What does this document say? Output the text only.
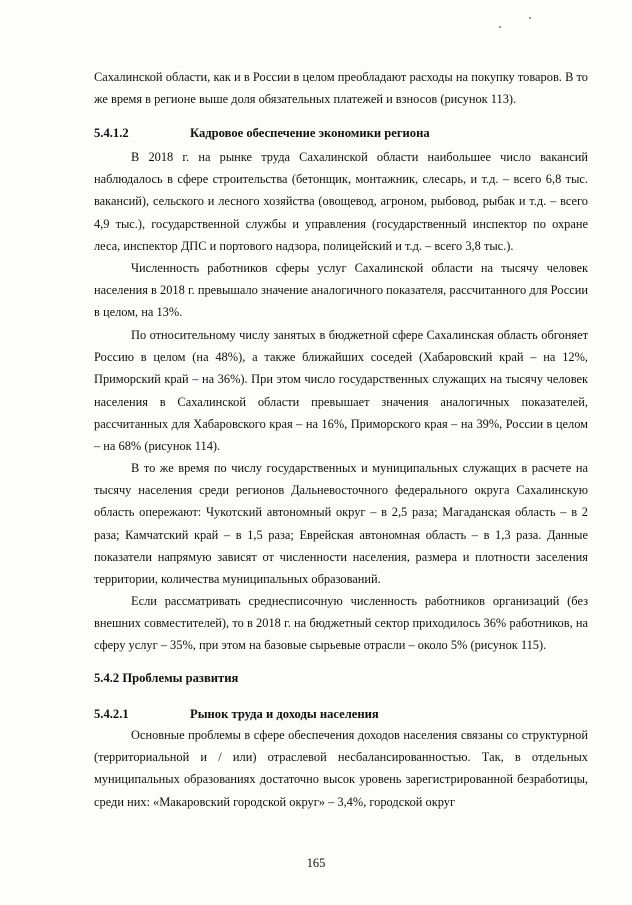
Сахалинской области, как и в России в целом преобладают расходы на покупку товаров. В то же время в регионе выше доля обязательных платежей и взносов (рисунок 113).

5.4.1.2	Кадровое обеспечение экономики региона

В 2018 г. на рынке труда Сахалинской области наибольшее число вакансий наблюдалось в сфере строительства (бетонщик, монтажник, слесарь, и т.д. – всего 6,8 тыс. вакансий), сельского и лесного хозяйства (овощевод, агроном, рыбовод, рыбак и т.д. – всего 4,9 тыс.), государственной службы и управления (государственный инспектор по охране леса, инспектор ДПС и портового надзора, полицейский и т.д. – всего 3,8 тыс.).

Численность работников сферы услуг Сахалинской области на тысячу человек населения в 2018 г. превышало значение аналогичного показателя, рассчитанного для России в целом, на 13%.

По относительному числу занятых в бюджетной сфере Сахалинская область обгоняет Россию в целом (на 48%), а также ближайших соседей (Хабаровский край – на 12%, Приморский край – на 36%). При этом число государственных служащих на тысячу человек населения в Сахалинской области превышает значения аналогичных показателей, рассчитанных для Хабаровского края – на 16%, Приморского края – на 39%, России в целом – на 68% (рисунок 114).

В то же время по числу государственных и муниципальных служащих в расчете на тысячу населения среди регионов Дальневосточного федерального округа Сахалинскую область опережают: Чукотский автономный округ – в 2,5 раза; Магаданская область – в 2 раза; Камчатский край – в 1,5 раза; Еврейская автономная область – в 1,3 раза. Данные показатели напрямую зависят от численности населения, размера и плотности заселения территории, количества муниципальных образований.

Если рассматривать среднесписочную численность работников организаций (без внешних совместителей), то в 2018 г. на бюджетный сектор приходилось 36% работников, на сферу услуг – 35%, при этом на базовые сырьевые отрасли – около 5% (рисунок 115).

5.4.2 Проблемы развития
5.4.2.1	Рынок труда и доходы населения

Основные проблемы в сфере обеспечения доходов населения связаны со структурной (территориальной и / или) отраслевой несбалансированностью. Так, в отдельных муниципальных образованиях достаточно высок уровень зарегистрированной безработицы, среди них: «Макаровский городской округ» – 3,4%, городской округ

165
